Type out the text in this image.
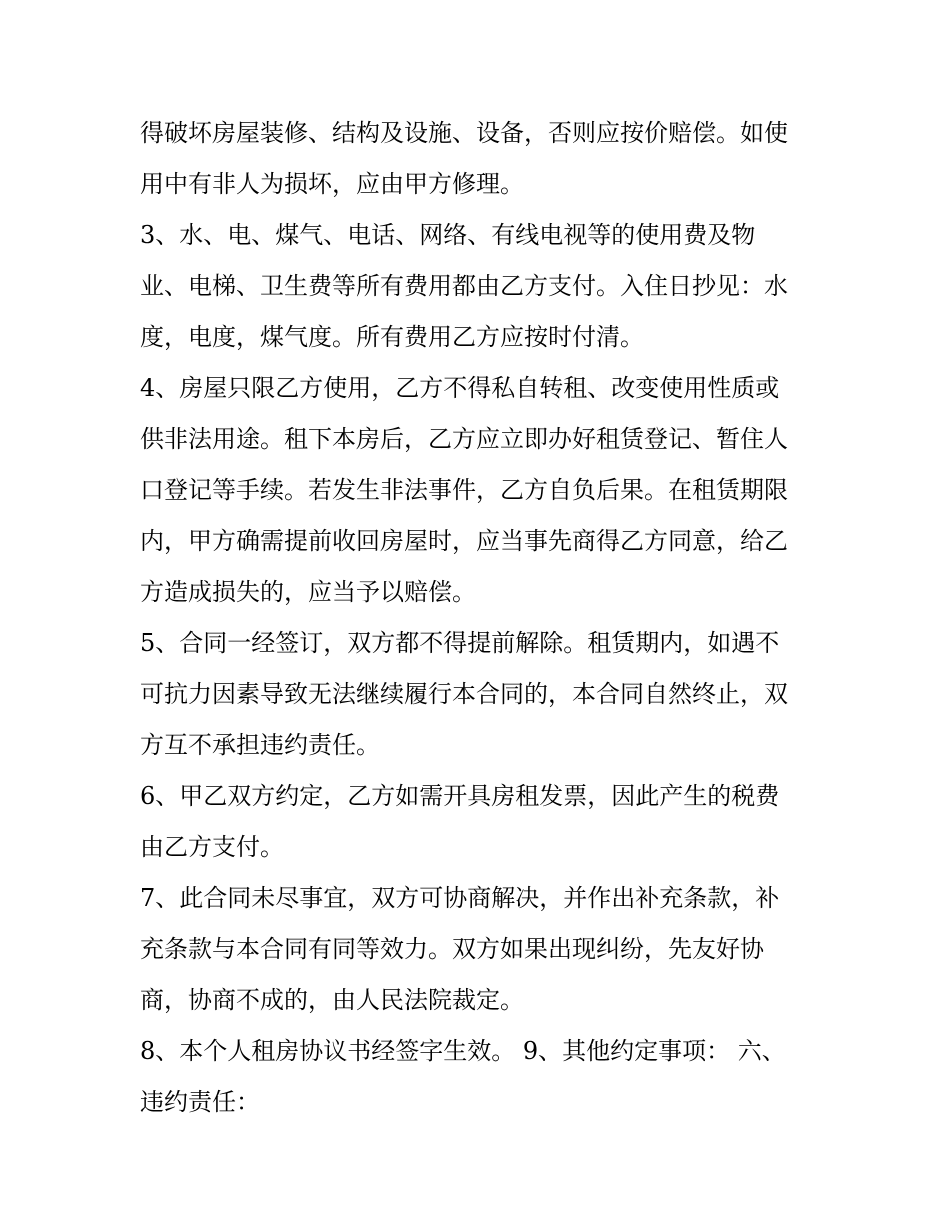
得破坏房屋装修、结构及设施、设备，否则应按价赔偿。如使
用中有非人为损坏，应由甲方修理。
3、水、电、煤气、电话、网络、有线电视等的使用费及物
业、电梯、卫生费等所有费用都由乙方支付。入住日抄见：水
度，电度，煤气度。所有费用乙方应按时付清。
4、房屋只限乙方使用，乙方不得私自转租、改变使用性质或
供非法用途。租下本房后，乙方应立即办好租赁登记、暂住人
口登记等手续。若发生非法事件，乙方自负后果。在租赁期限
内，甲方确需提前收回房屋时，应当事先商得乙方同意，给乙
方造成损失的，应当予以赔偿。
5、合同一经签订，双方都不得提前解除。租赁期内，如遇不
可抗力因素导致无法继续履行本合同的，本合同自然终止，双
方互不承担违约责任。
6、甲乙双方约定，乙方如需开具房租发票，因此产生的税费
由乙方支付。
7、此合同未尽事宜，双方可协商解决，并作出补充条款，补
充条款与本合同有同等效力。双方如果出现纠纷，先友好协
商，协商不成的，由人民法院裁定。
8、本个人租房协议书经签字生效。 9、其他约定事项： 六、
违约责任：
